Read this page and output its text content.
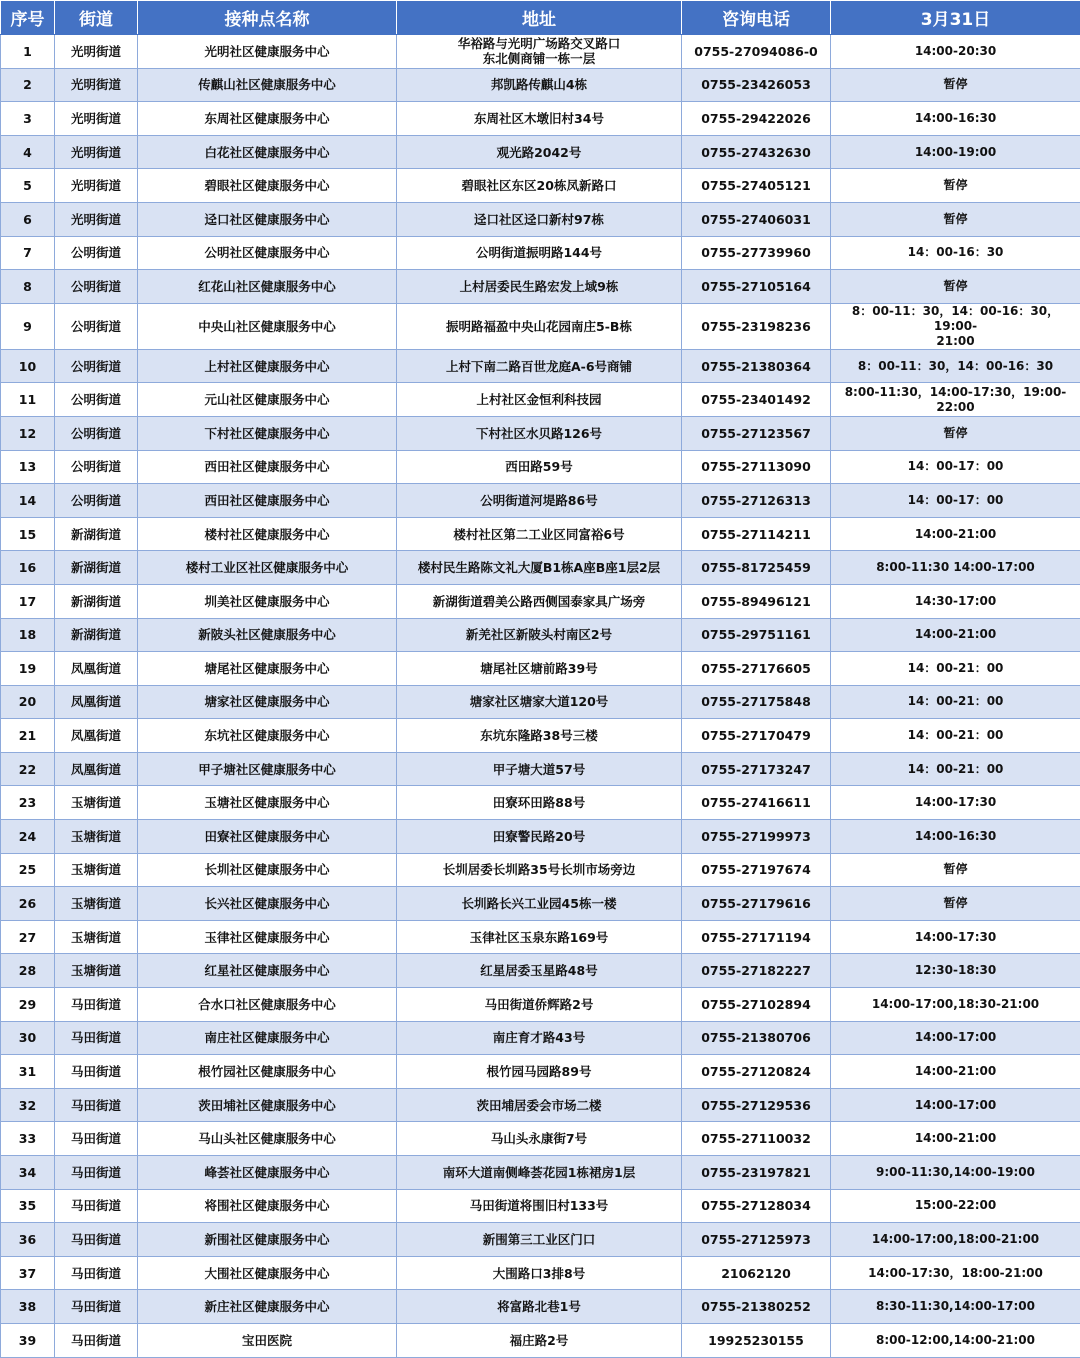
序号	街道	接种点名称	地址	咨询电话	3月31日
1	光明街道	光明社区健康服务中心	华裕路与光明广场路交叉路口
东北侧商铺一栋一层	0755-27094086-0	14:00-20:30
2	光明街道	传麒山社区健康服务中心	邦凯路传麒山4栋	0755-23426053	暂停
3	光明街道	东周社区健康服务中心	东周社区木墩旧村34号	0755-29422026	14:00-16:30
4	光明街道	白花社区健康服务中心	观光路2042号	0755-27432630	14:00-19:00
5	光明街道	碧眼社区健康服务中心	碧眼社区东区20栋凤新路口	0755-27405121	暂停
6	光明街道	迳口社区健康服务中心	迳口社区迳口新村97栋	0755-27406031	暂停
7	公明街道	公明社区健康服务中心	公明街道振明路144号	0755-27739960	14：00-16：30
8	公明街道	红花山社区健康服务中心	上村居委民生路宏发上域9栋	0755-27105164	暂停
9	公明街道	中央山社区健康服务中心	振明路福盈中央山花园南庄5-B栋	0755-23198236	8：00-11：30，14：00-16：30，19:00-
21:00
10	公明街道	上村社区健康服务中心	上村下南二路百世龙庭A-6号商铺	0755-21380364	8：00-11：30，14：00-16：30
11	公明街道	元山社区健康服务中心	上村社区金恒利科技园	0755-23401492	8:00-11:30，14:00-17:30，19:00-22:00
12	公明街道	下村社区健康服务中心	下村社区水贝路126号	0755-27123567	暂停
13	公明街道	西田社区健康服务中心	西田路59号	0755-27113090	14：00-17：00
14	公明街道	西田社区健康服务中心	公明街道河堤路86号	0755-27126313	14：00-17：00
15	新湖街道	楼村社区健康服务中心	楼村社区第二工业区同富裕6号	0755-27114211	14:00-21:00
16	新湖街道	楼村工业区社区健康服务中心	楼村民生路陈文礼大厦B1栋A座B座1层2层	0755-81725459	8:00-11:30 14:00-17:00
17	新湖街道	圳美社区健康服务中心	新湖街道碧美公路西侧国泰家具广场旁	0755-89496121	14:30-17:00
18	新湖街道	新陂头社区健康服务中心	新羌社区新陂头村南区2号	0755-29751161	14:00-21:00
19	凤凰街道	塘尾社区健康服务中心	塘尾社区塘前路39号	0755-27176605	14：00-21：00
20	凤凰街道	塘家社区健康服务中心	塘家社区塘家大道120号	0755-27175848	14：00-21：00
21	凤凰街道	东坑社区健康服务中心	东坑东隆路38号三楼	0755-27170479	14：00-21：00
22	凤凰街道	甲子塘社区健康服务中心	甲子塘大道57号	0755-27173247	14：00-21：00
23	玉塘街道	玉塘社区健康服务中心	田寮环田路88号	0755-27416611	14:00-17:30
24	玉塘街道	田寮社区健康服务中心	田寮警民路20号	0755-27199973	14:00-16:30
25	玉塘街道	长圳社区健康服务中心	长圳居委长圳路35号长圳市场旁边	0755-27197674	暂停
26	玉塘街道	长兴社区健康服务中心	长圳路长兴工业园45栋一楼	0755-27179616	暂停
27	玉塘街道	玉律社区健康服务中心	玉律社区玉泉东路169号	0755-27171194	14:00-17:30
28	玉塘街道	红星社区健康服务中心	红星居委玉星路48号	0755-27182227	12:30-18:30
29	马田街道	合水口社区健康服务中心	马田街道侨辉路2号	0755-27102894	14:00-17:00,18:30-21:00
30	马田街道	南庄社区健康服务中心	南庄育才路43号	0755-21380706	14:00-17:00
31	马田街道	根竹园社区健康服务中心	根竹园马园路89号	0755-27120824	14:00-21:00
32	马田街道	茨田埔社区健康服务中心	茨田埔居委会市场二楼	0755-27129536	14:00-17:00
33	马田街道	马山头社区健康服务中心	马山头永康街7号	0755-27110032	14:00-21:00
34	马田街道	峰荟社区健康服务中心	南环大道南侧峰荟花园1栋裙房1层	0755-23197821	9:00-11:30,14:00-19:00
35	马田街道	将围社区健康服务中心	马田街道将围旧村133号	0755-27128034	15:00-22:00
36	马田街道	新围社区健康服务中心	新围第三工业区门口	0755-27125973	14:00-17:00,18:00-21:00
37	马田街道	大围社区健康服务中心	大围路口3排8号	21062120	14:00-17:30，18:00-21:00
38	马田街道	新庄社区健康服务中心	将富路北巷1号	0755-21380252	8:30-11:30,14:00-17:00
39	马田街道	宝田医院	福庄路2号	19925230155	8:00-12:00,14:00-21:00
